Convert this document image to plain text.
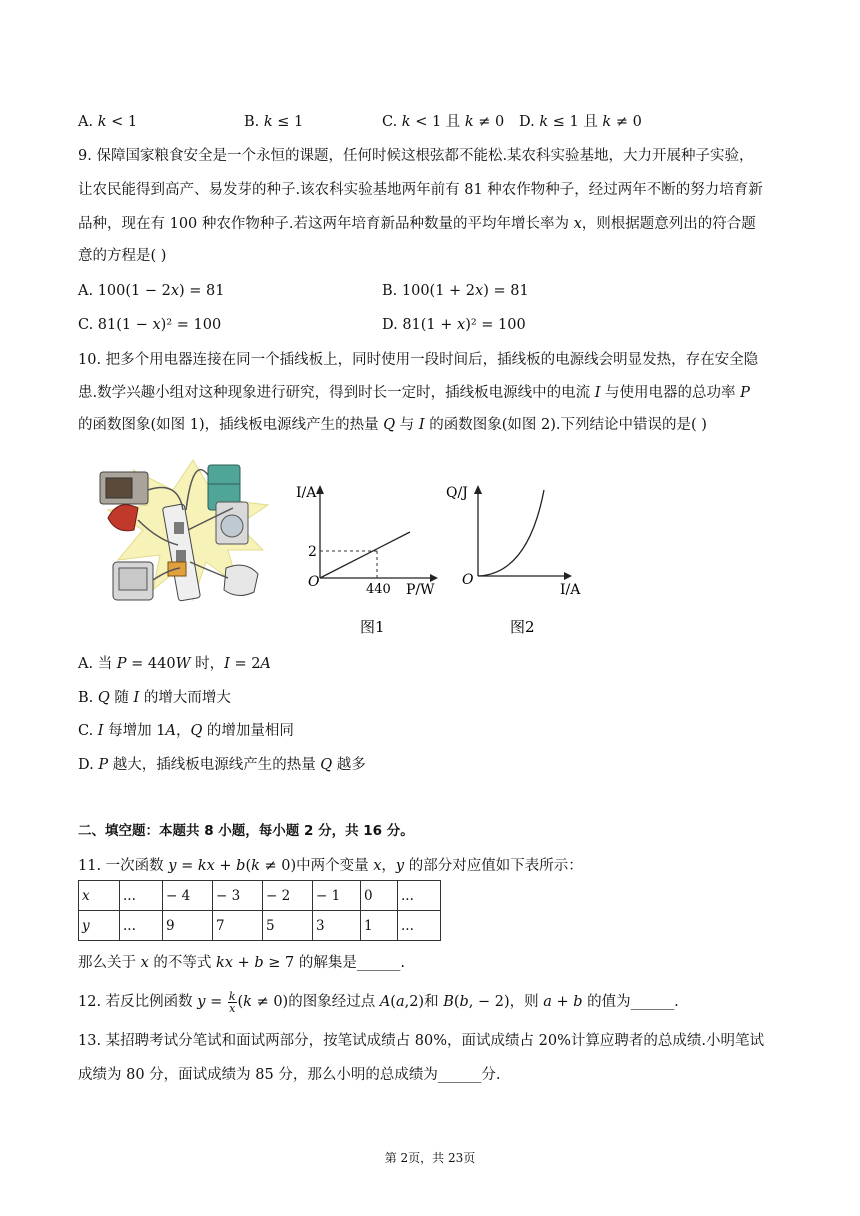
A. 𝑘 < 1	B. 𝑘 ≤ 1	C. 𝑘 < 1 且 𝑘 ≠ 0 D. 𝑘 ≤ 1 且 𝑘 ≠ 0
9. 保障国家粮食安全是一个永恒的课题，任何时候这根弦都不能松.某农科实验基地，大力开展种子实验，
让农民能得到高产、易发芽的种子.该农科实验基地两年前有 81 种农作物种子，经过两年不断的努力培育新
品种，现在有 100 种农作物种子.若这两年培育新品种数量的平均年增长率为 𝑥，则根据题意列出的符合题
意的方程是( )
A. 100(1 − 2𝑥) = 81	B. 100(1 + 2𝑥) = 81
C. 81(1 − 𝑥)² = 100	D. 81(1 + 𝑥)² = 100
10. 把多个用电器连接在同一个插线板上，同时使用一段时间后，插线板的电源线会明显发热，存在安全隐
患.数学兴趣小组对这种现象进行研究，得到时长一定时，插线板电源线中的电流 𝐼 与使用电器的总功率 𝑃
的函数图象(如图 1)，插线板电源线产生的热量 𝑄 与 𝐼 的函数图象(如图 2).下列结论中错误的是( )
I/A
P/W
O
2
440
图1
Q/J
I/A
O
图2
A. 当 𝑃 = 440𝑊 时，𝐼 = 2𝐴
B. 𝑄 随 𝐼 的增大而增大
C. 𝐼 每增加 1𝐴，𝑄 的增加量相同
D. 𝑃 越大，插线板电源线产生的热量 𝑄 越多
二、填空题：本题共 8 小题，每小题 2 分，共 16 分。
11. 一次函数 𝑦 = 𝑘𝑥 + 𝑏(𝑘 ≠ 0)中两个变量 𝑥，𝑦 的部分对应值如下表所示：
𝑥	...	− 4	− 3	− 2	− 1	0	...
𝑦	...	9	7	5	3	1	...
那么关于 𝑥 的不等式 𝑘𝑥 + 𝑏 ≥ 7 的解集是______.
12. 若反比例函数 𝑦 = $\frac{\text{𝑘}}{\text{𝑥}}$ (𝑘 ≠ 0)的图象经过点 𝐴(𝑎,2)和 𝐵(𝑏, − 2)，则 𝑎 + 𝑏 的值为______.
13. 某招聘考试分笔试和面试两部分，按笔试成绩占 80%，面试成绩占 20%计算应聘者的总成绩.小明笔试
成绩为 80 分，面试成绩为 85 分，那么小明的总成绩为______分.
第 2页，共 23页
